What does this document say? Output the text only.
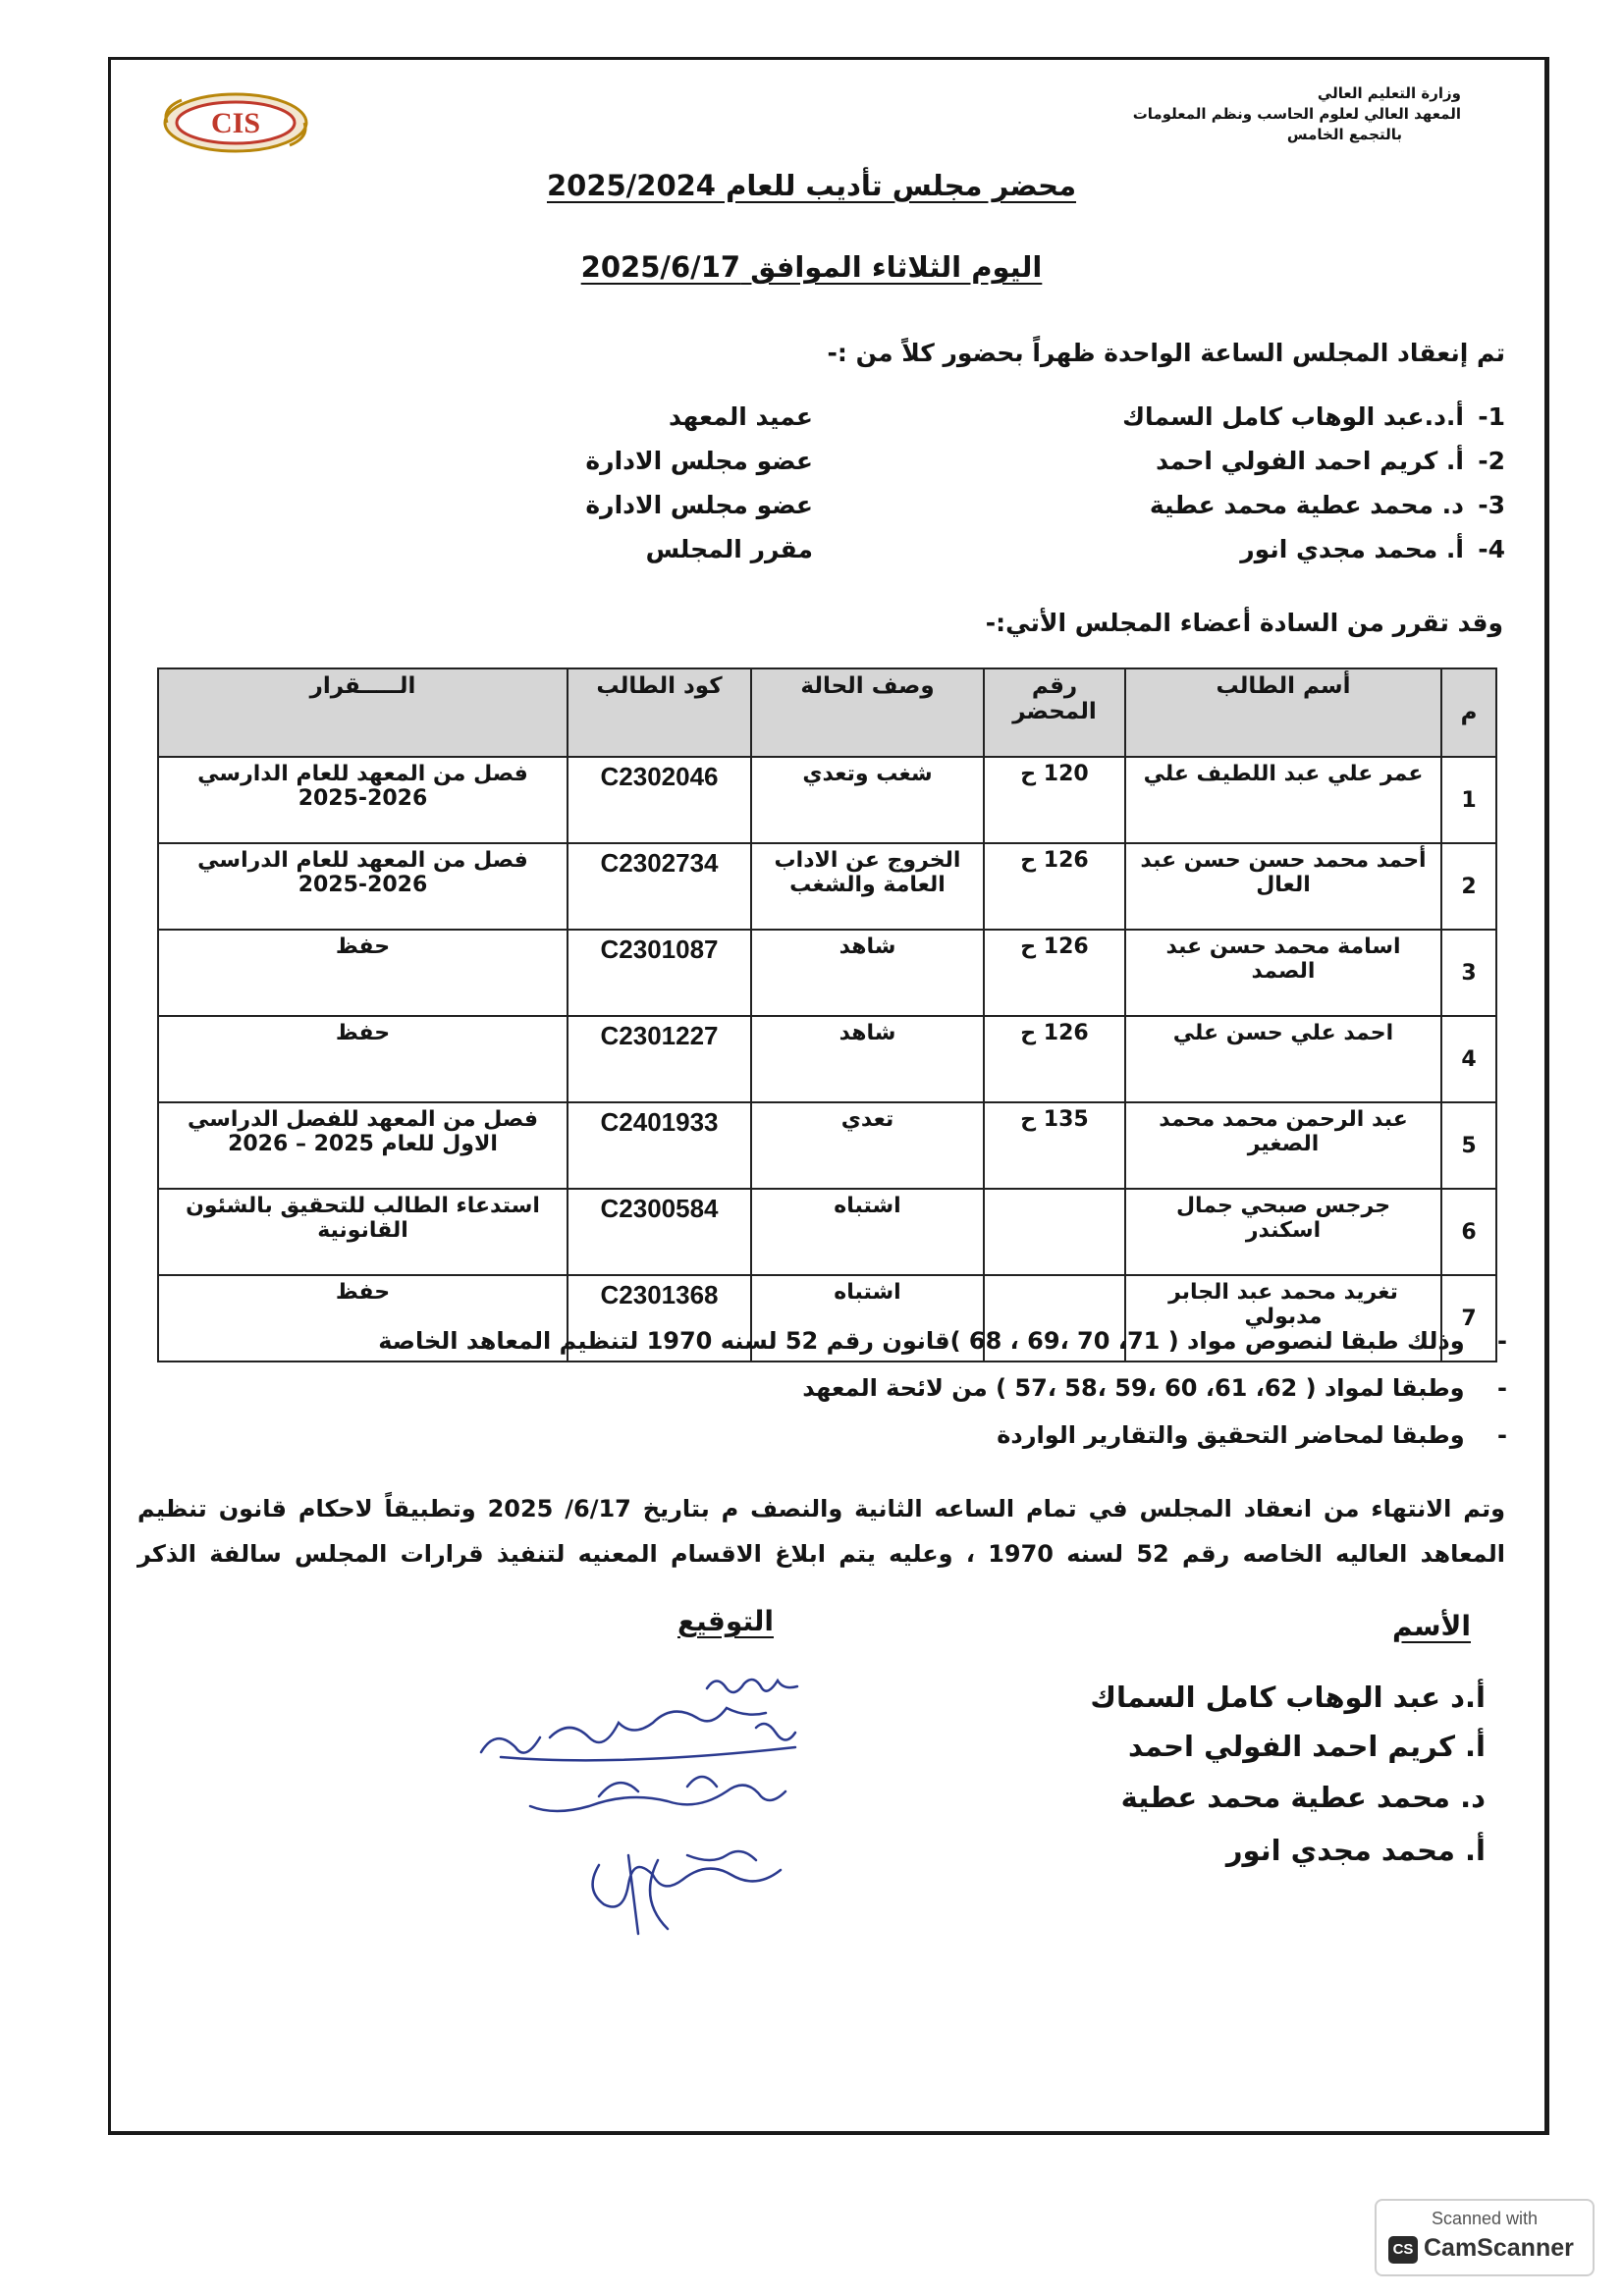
CIS
وزارة التعليم العالي
المعهد العالي لعلوم الحاسب ونظم المعلومات
بالتجمع الخامس
محضر مجلس تأديب للعام 2025/2024
اليوم الثلاثاء الموافق 2025/6/17
تم إنعقاد المجلس الساعة الواحدة ظهراً بحضور كلاً من :-
1-
أ.د.عبد الوهاب كامل السماك
عميد المعهد
2-
أ. كريم احمد الفولي احمد
عضو مجلس الادارة
3-
د. محمد عطية محمد عطية
عضو مجلس الادارة
4-
أ. محمد مجدي انور
مقرر المجلس
وقد تقرر من السادة أعضاء المجلس الأتي:-
م	أسم الطالب	رقم المحضر	وصف الحالة	كود الطالب	الـــــقرار
1	عمر علي عبد اللطيف علي	120 ح	شغب وتعدي	C2302046	فصل من المعهد للعام الدارسي 2026-2025
2	أحمد محمد حسن حسن عبد العال	126 ح	الخروج عن الاداب العامة والشغب	C2302734	فصل من المعهد للعام الدراسي 2026-2025
3	اسامة محمد حسن عبد الصمد	126 ح	شاهد	C2301087	حفظ
4	احمد علي حسن علي	126 ح	شاهد	C2301227	حفظ
5	عبد الرحمن محمد محمد الصغير	135 ح	تعدي	C2401933	فصل من المعهد للفصل الدراسي الاول للعام 2025 – 2026
6	جرجس صبحي جمال اسكندر		اشتباه	C2300584	استدعاء الطالب للتحقيق بالشئون القانونية
7	تغريد محمد عبد الجابر مدبولي		اشتباه	C2301368	حفظ
-    وذلك طبقا لنصوص مواد ( 71، 70 ،69 ، 68 )قانون رقم 52 لسنه 1970 لتنظيم المعاهد الخاصة
-    وطبقا لمواد ( 62، 61، 60 ،59 ،58 ،57 ) من لائحة المعهد
-    وطبقا لمحاضر التحقيق والتقارير الواردة
وتم الانتهاء من انعقاد المجلس في تمام الساعه الثانية والنصف م بتاريخ 6/17/ 2025 وتطبيقاً لاحكام قانون تنظيم
المعاهد العاليه الخاصه رقم 52 لسنه 1970 ، وعليه يتم ابلاغ الاقسام المعنيه لتنفيذ قرارات المجلس سالفة الذكر
الأسم
التوقيع
أ.د عبد الوهاب كامل السماك
أ. كريم احمد الفولي احمد
د. محمد عطية محمد عطية
أ. محمد مجدي انور
Scanned with
CS CamScanner
